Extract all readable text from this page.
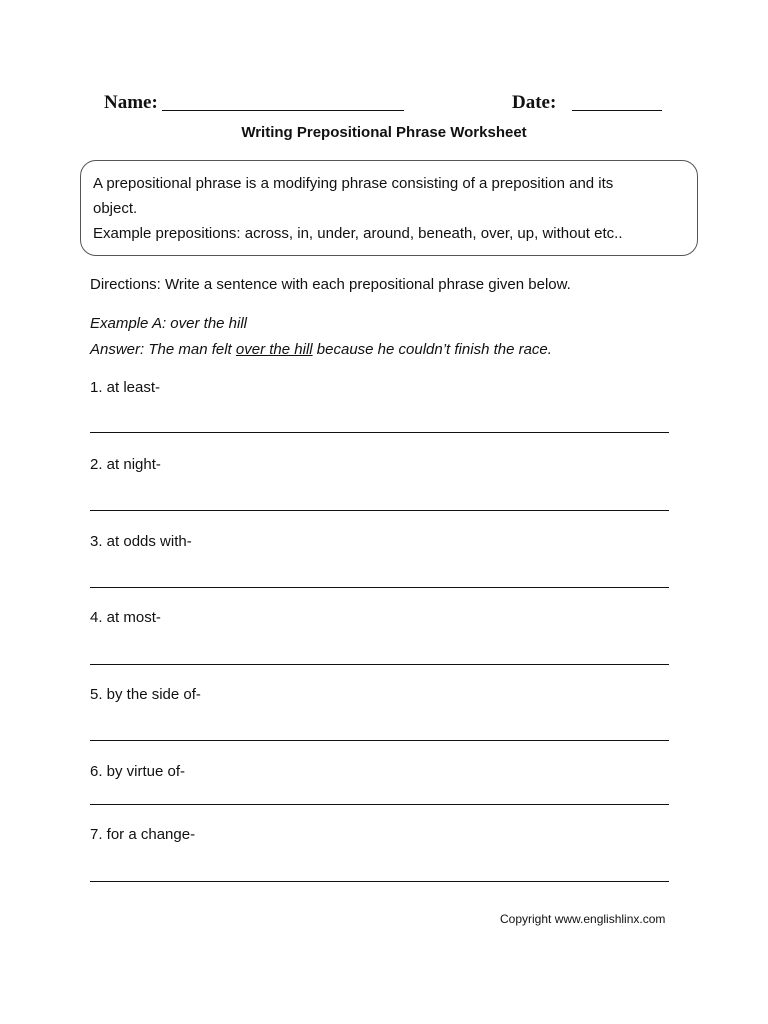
Name:	Date:
Writing Prepositional Phrase Worksheet
A prepositional phrase is a modifying phrase consisting of a preposition and its
object.
Example prepositions: across, in, under, around, beneath, over, up, without etc..
Directions: Write a sentence with each prepositional phrase given below.
Example A: over the hill
Answer: The man felt over the hill because he couldn’t finish the race.
1. at least-
2. at night-
3. at odds with-
4. at most-
5. by the side of-
6. by virtue of-
7. for a change-
Copyright www.englishlinx.com
